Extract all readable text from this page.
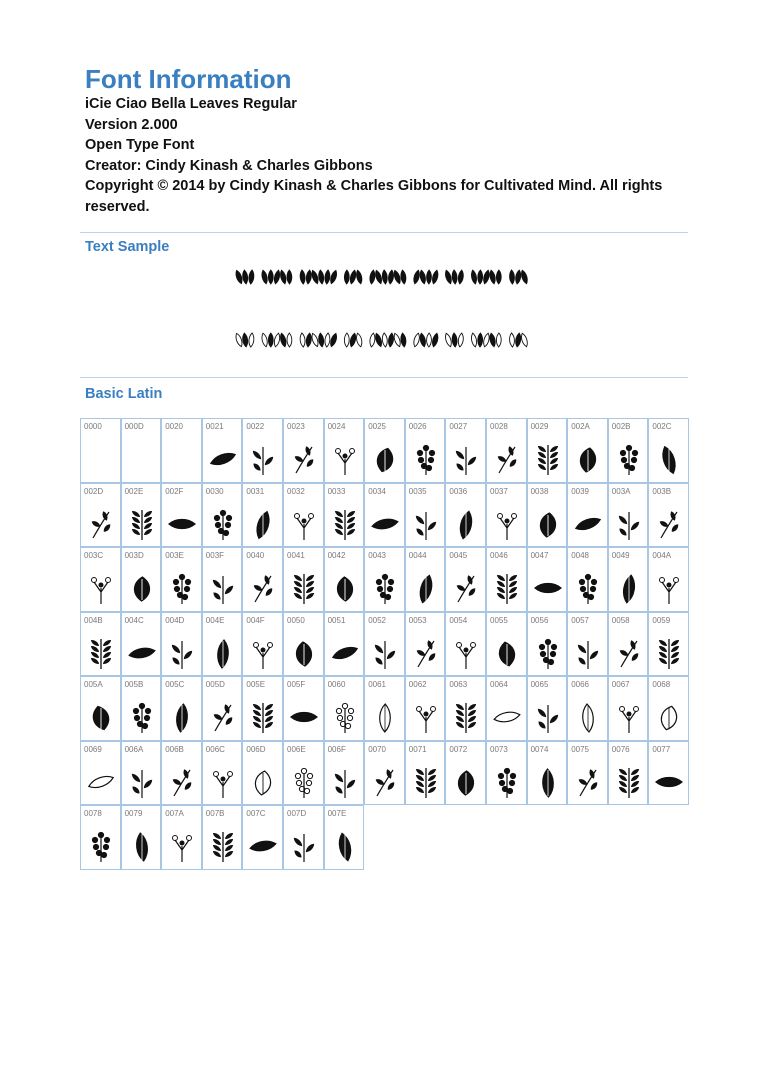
Font Information
iCie Ciao Bella Leaves Regular
Version 2.000
Open Type Font
Creator: Cindy Kinash & Charles Gibbons
Copyright © 2014 by Cindy Kinash & Charles Gibbons for Cultivated Mind. All rights reserved.
Text Sample
Basic Latin
0000	000D	0020	0021	0022	0023	0024	0025	0026	0027	0028	0029	002A	002B	002C
002D	002E	002F	0030	0031	0032	0033	0034	0035	0036	0037	0038	0039	003A	003B
003C	003D	003E	003F	0040	0041	0042	0043	0044	0045	0046	0047	0048	0049	004A
004B	004C	004D	004E	004F	0050	0051	0052	0053	0054	0055	0056	0057	0058	0059
005A	005B	005C	005D	005E	005F	0060	0061	0062	0063	0064	0065	0066	0067	0068
0069	006A	006B	006C	006D	006E	006F	0070	0071	0072	0073	0074	0075	0076	0077
0078	0079	007A	007B	007C	007D	007E
